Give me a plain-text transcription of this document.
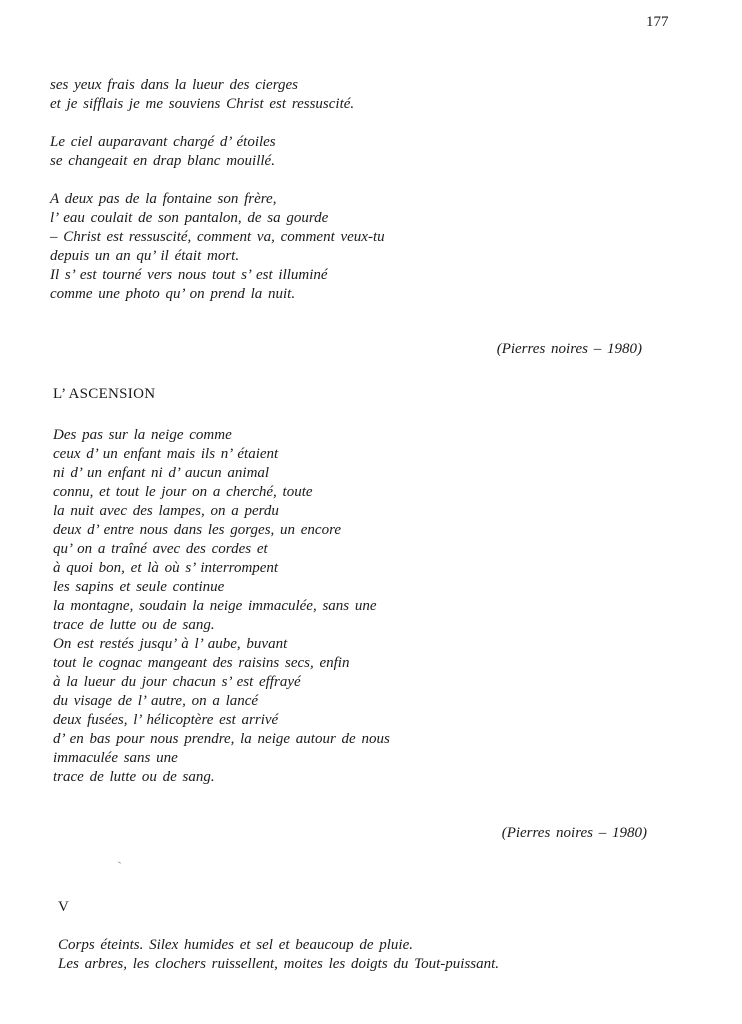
177
ses yeux frais dans la lueur des cierges
et je sifflais je me souviens Christ est ressuscité.
Le ciel auparavant chargé d’ étoiles
se changeait en drap blanc mouillé.
A deux pas de la fontaine son frère,
l’ eau coulait de son pantalon, de sa gourde
– Christ est ressuscité, comment va, comment veux-tu
depuis un an qu’ il était mort.
Il s’ est tourné vers nous tout s’ est illuminé
comme une photo qu’ on prend la nuit.
(Pierres noires – 1980)
L’ ASCENSION
Des pas sur la neige comme
ceux d’ un enfant mais ils n’ étaient
ni d’ un enfant ni d’ aucun animal
connu, et tout le jour on a cherché, toute
la nuit avec des lampes, on a perdu
deux d’ entre nous dans les gorges, un encore
qu’ on a traîné avec des cordes et
à quoi bon, et là où s’ interrompent
les sapins et seule continue
la montagne, soudain la neige immaculée, sans une
trace de lutte ou de sang.
On est restés jusqu’ à l’ aube, buvant
tout le cognac mangeant des raisins secs, enfin
à la lueur du jour chacun s’ est effrayé
du visage de l’ autre, on a lancé
deux fusées, l’ hélicoptère est arrivé
d’ en bas pour nous prendre, la neige autour de nous
immaculée sans une
trace de lutte ou de sang.
(Pierres noires – 1980)
V
Corps éteints. Silex humides et sel et beaucoup de pluie.
Les arbres, les clochers ruissellent, moites les doigts du Tout-puissant.
